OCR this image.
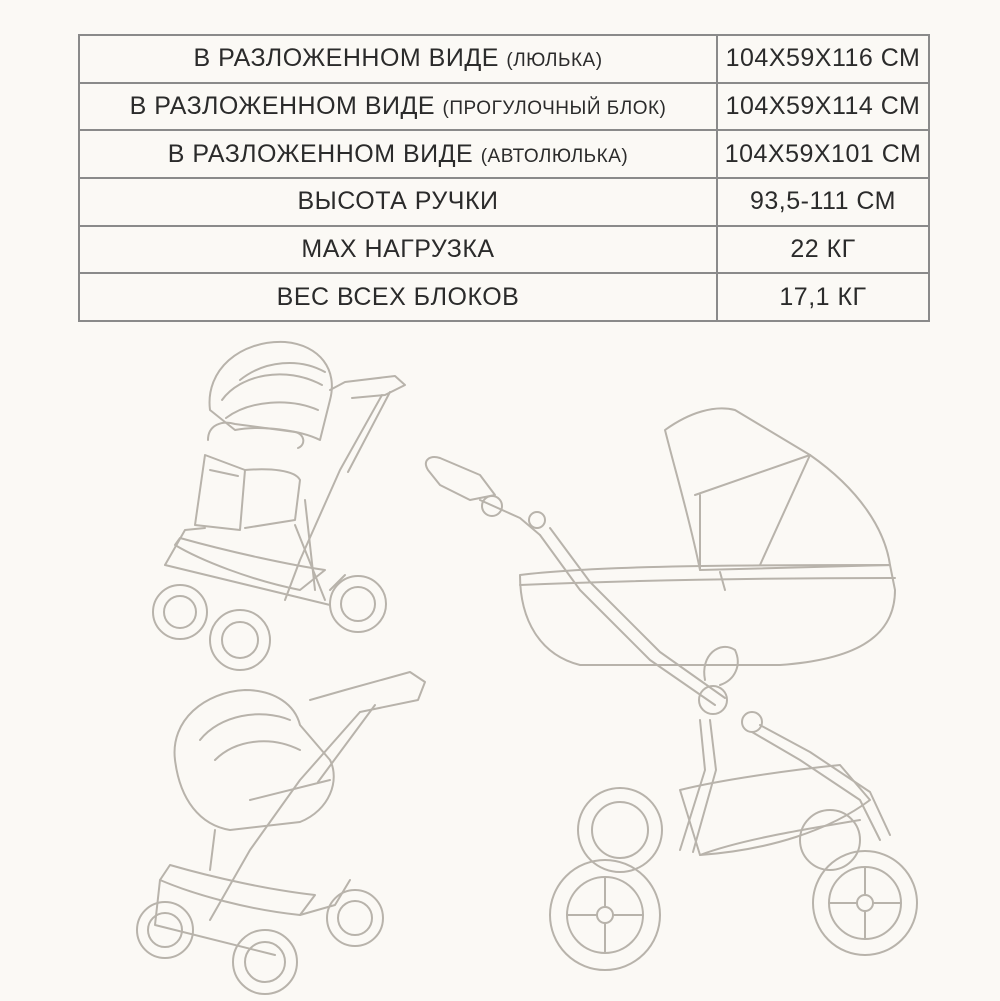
В РАЗЛОЖЕННОМ ВИДЕ (ЛЮЛЬКА)	104Х59Х116 СМ
В РАЗЛОЖЕННОМ ВИДЕ (ПРОГУЛОЧНЫЙ БЛОК)	104Х59Х114 СМ
В РАЗЛОЖЕННОМ ВИДЕ (АВТОЛЮЛЬКА)	104Х59Х101 СМ
ВЫСОТА РУЧКИ	93,5-111 СМ
MAX НАГРУЗКА	22 КГ
ВЕС ВСЕХ БЛОКОВ	17,1 КГ
